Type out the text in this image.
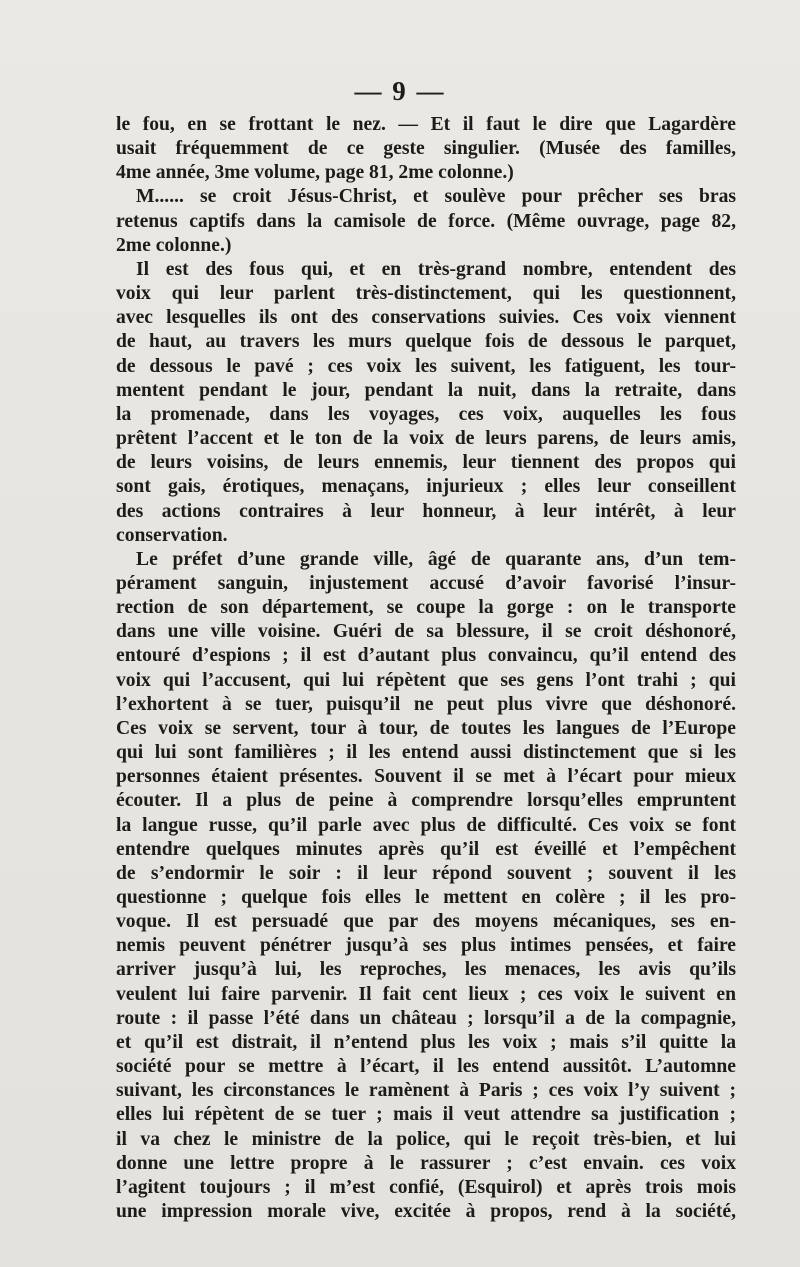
— 9 —
le fou, en se frottant le nez. — Et il faut le dire que Lagardère
usait fréquemment de ce geste singulier. (Musée des familles,
4me année, 3me volume, page 81, 2me colonne.)
M...... se croit Jésus-Christ, et soulève pour prêcher ses bras
retenus captifs dans la camisole de force. (Même ouvrage, page 82,
2me colonne.)
Il est des fous qui, et en très-grand nombre, entendent des
voix qui leur parlent très-distinctement, qui les questionnent,
avec lesquelles ils ont des conservations suivies. Ces voix viennent
de haut, au travers les murs quelque fois de dessous le parquet,
de dessous le pavé ; ces voix les suivent, les fatiguent, les tour-
mentent pendant le jour, pendant la nuit, dans la retraite, dans
la promenade, dans les voyages, ces voix, auquelles les fous
prêtent l’accent et le ton de la voix de leurs parens, de leurs amis,
de leurs voisins, de leurs ennemis, leur tiennent des propos qui
sont gais, érotiques, menaçans, injurieux ; elles leur conseillent
des actions contraires à leur honneur, à leur intérêt, à leur
conservation.
Le préfet d’une grande ville, âgé de quarante ans, d’un tem-
pérament sanguin, injustement accusé d’avoir favorisé l’insur-
rection de son département, se coupe la gorge : on le transporte
dans une ville voisine. Guéri de sa blessure, il se croit déshonoré,
entouré d’espions ; il est d’autant plus convaincu, qu’il entend des
voix qui l’accusent, qui lui répètent que ses gens l’ont trahi ; qui
l’exhortent à se tuer, puisqu’il ne peut plus vivre que déshonoré.
Ces voix se servent, tour à tour, de toutes les langues de l’Europe
qui lui sont familières ; il les entend aussi distinctement que si les
personnes étaient présentes. Souvent il se met à l’écart pour mieux
écouter. Il a plus de peine à comprendre lorsqu’elles empruntent
la langue russe, qu’il parle avec plus de difficulté. Ces voix se font
entendre quelques minutes après qu’il est éveillé et l’empêchent
de s’endormir le soir : il leur répond souvent ; souvent il les
questionne ; quelque fois elles le mettent en colère ; il les pro-
voque. Il est persuadé que par des moyens mécaniques, ses en-
nemis peuvent pénétrer jusqu’à ses plus intimes pensées, et faire
arriver jusqu’à lui, les reproches, les menaces, les avis qu’ils
veulent lui faire parvenir. Il fait cent lieux ; ces voix le suivent en
route : il passe l’été dans un château ; lorsqu’il a de la compagnie,
et qu’il est distrait, il n’entend plus les voix ; mais s’il quitte la
société pour se mettre à l’écart, il les entend aussitôt. L’automne
suivant, les circonstances le ramènent à Paris ; ces voix l’y suivent ;
elles lui répètent de se tuer ; mais il veut attendre sa justification ;
il va chez le ministre de la police, qui le reçoit très-bien, et lui
donne une lettre propre à le rassurer ; c’est envain. ces voix
l’agitent toujours ; il m’est confié, (Esquirol) et après trois mois
une impression morale vive, excitée à propos, rend à la société,
